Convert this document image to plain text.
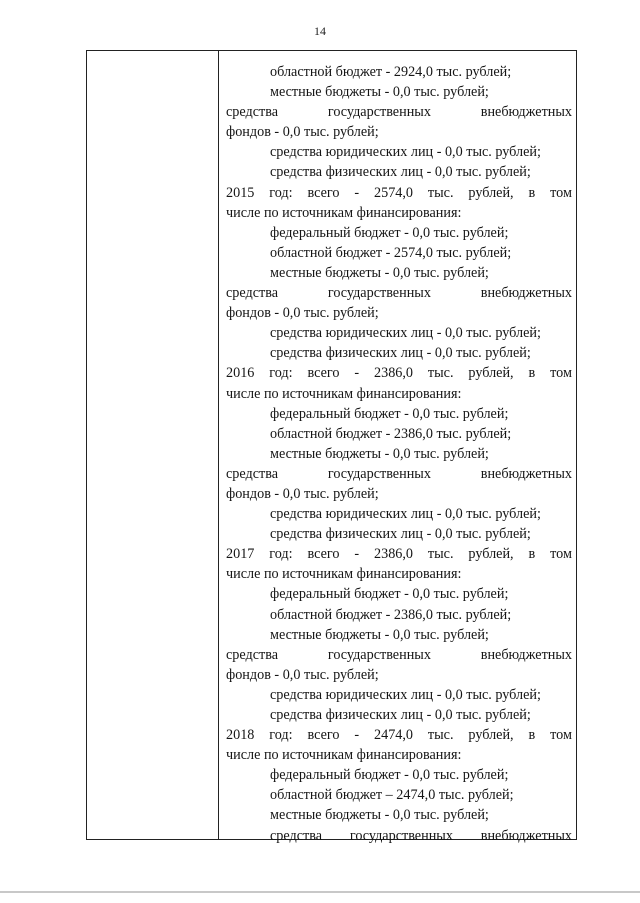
14
областной бюджет - 2924,0 тыс. рублей;
местные бюджеты - 0,0 тыс. рублей;
средства	государственных	внебюджетных
фондов - 0,0 тыс. рублей;
средства юридических лиц - 0,0 тыс. рублей;
средства физических лиц - 0,0 тыс. рублей;
2015 год: всего - 2574,0 тыс. рублей, в том
числе по источникам финансирования:
федеральный бюджет - 0,0 тыс. рублей;
областной бюджет - 2574,0 тыс. рублей;
местные бюджеты - 0,0 тыс. рублей;
средства	государственных	внебюджетных
фондов - 0,0 тыс. рублей;
средства юридических лиц - 0,0 тыс. рублей;
средства физических лиц - 0,0 тыс. рублей;
2016 год: всего - 2386,0 тыс. рублей, в том
числе по источникам финансирования:
федеральный бюджет - 0,0 тыс. рублей;
областной бюджет - 2386,0 тыс. рублей;
местные бюджеты - 0,0 тыс. рублей;
средства	государственных	внебюджетных
фондов - 0,0 тыс. рублей;
средства юридических лиц - 0,0 тыс. рублей;
средства физических лиц - 0,0 тыс. рублей;
2017 год: всего - 2386,0 тыс. рублей, в том
числе по источникам финансирования:
федеральный бюджет - 0,0 тыс. рублей;
областной бюджет - 2386,0 тыс. рублей;
местные бюджеты - 0,0 тыс. рублей;
средства	государственных	внебюджетных
фондов - 0,0 тыс. рублей;
средства юридических лиц - 0,0 тыс. рублей;
средства физических лиц - 0,0 тыс. рублей;
2018 год: всего - 2474,0 тыс. рублей, в том
числе по источникам финансирования:
федеральный бюджет - 0,0 тыс. рублей;
областной бюджет – 2474,0 тыс. рублей;
местные бюджеты - 0,0 тыс. рублей;
средства государственных внебюджетных
